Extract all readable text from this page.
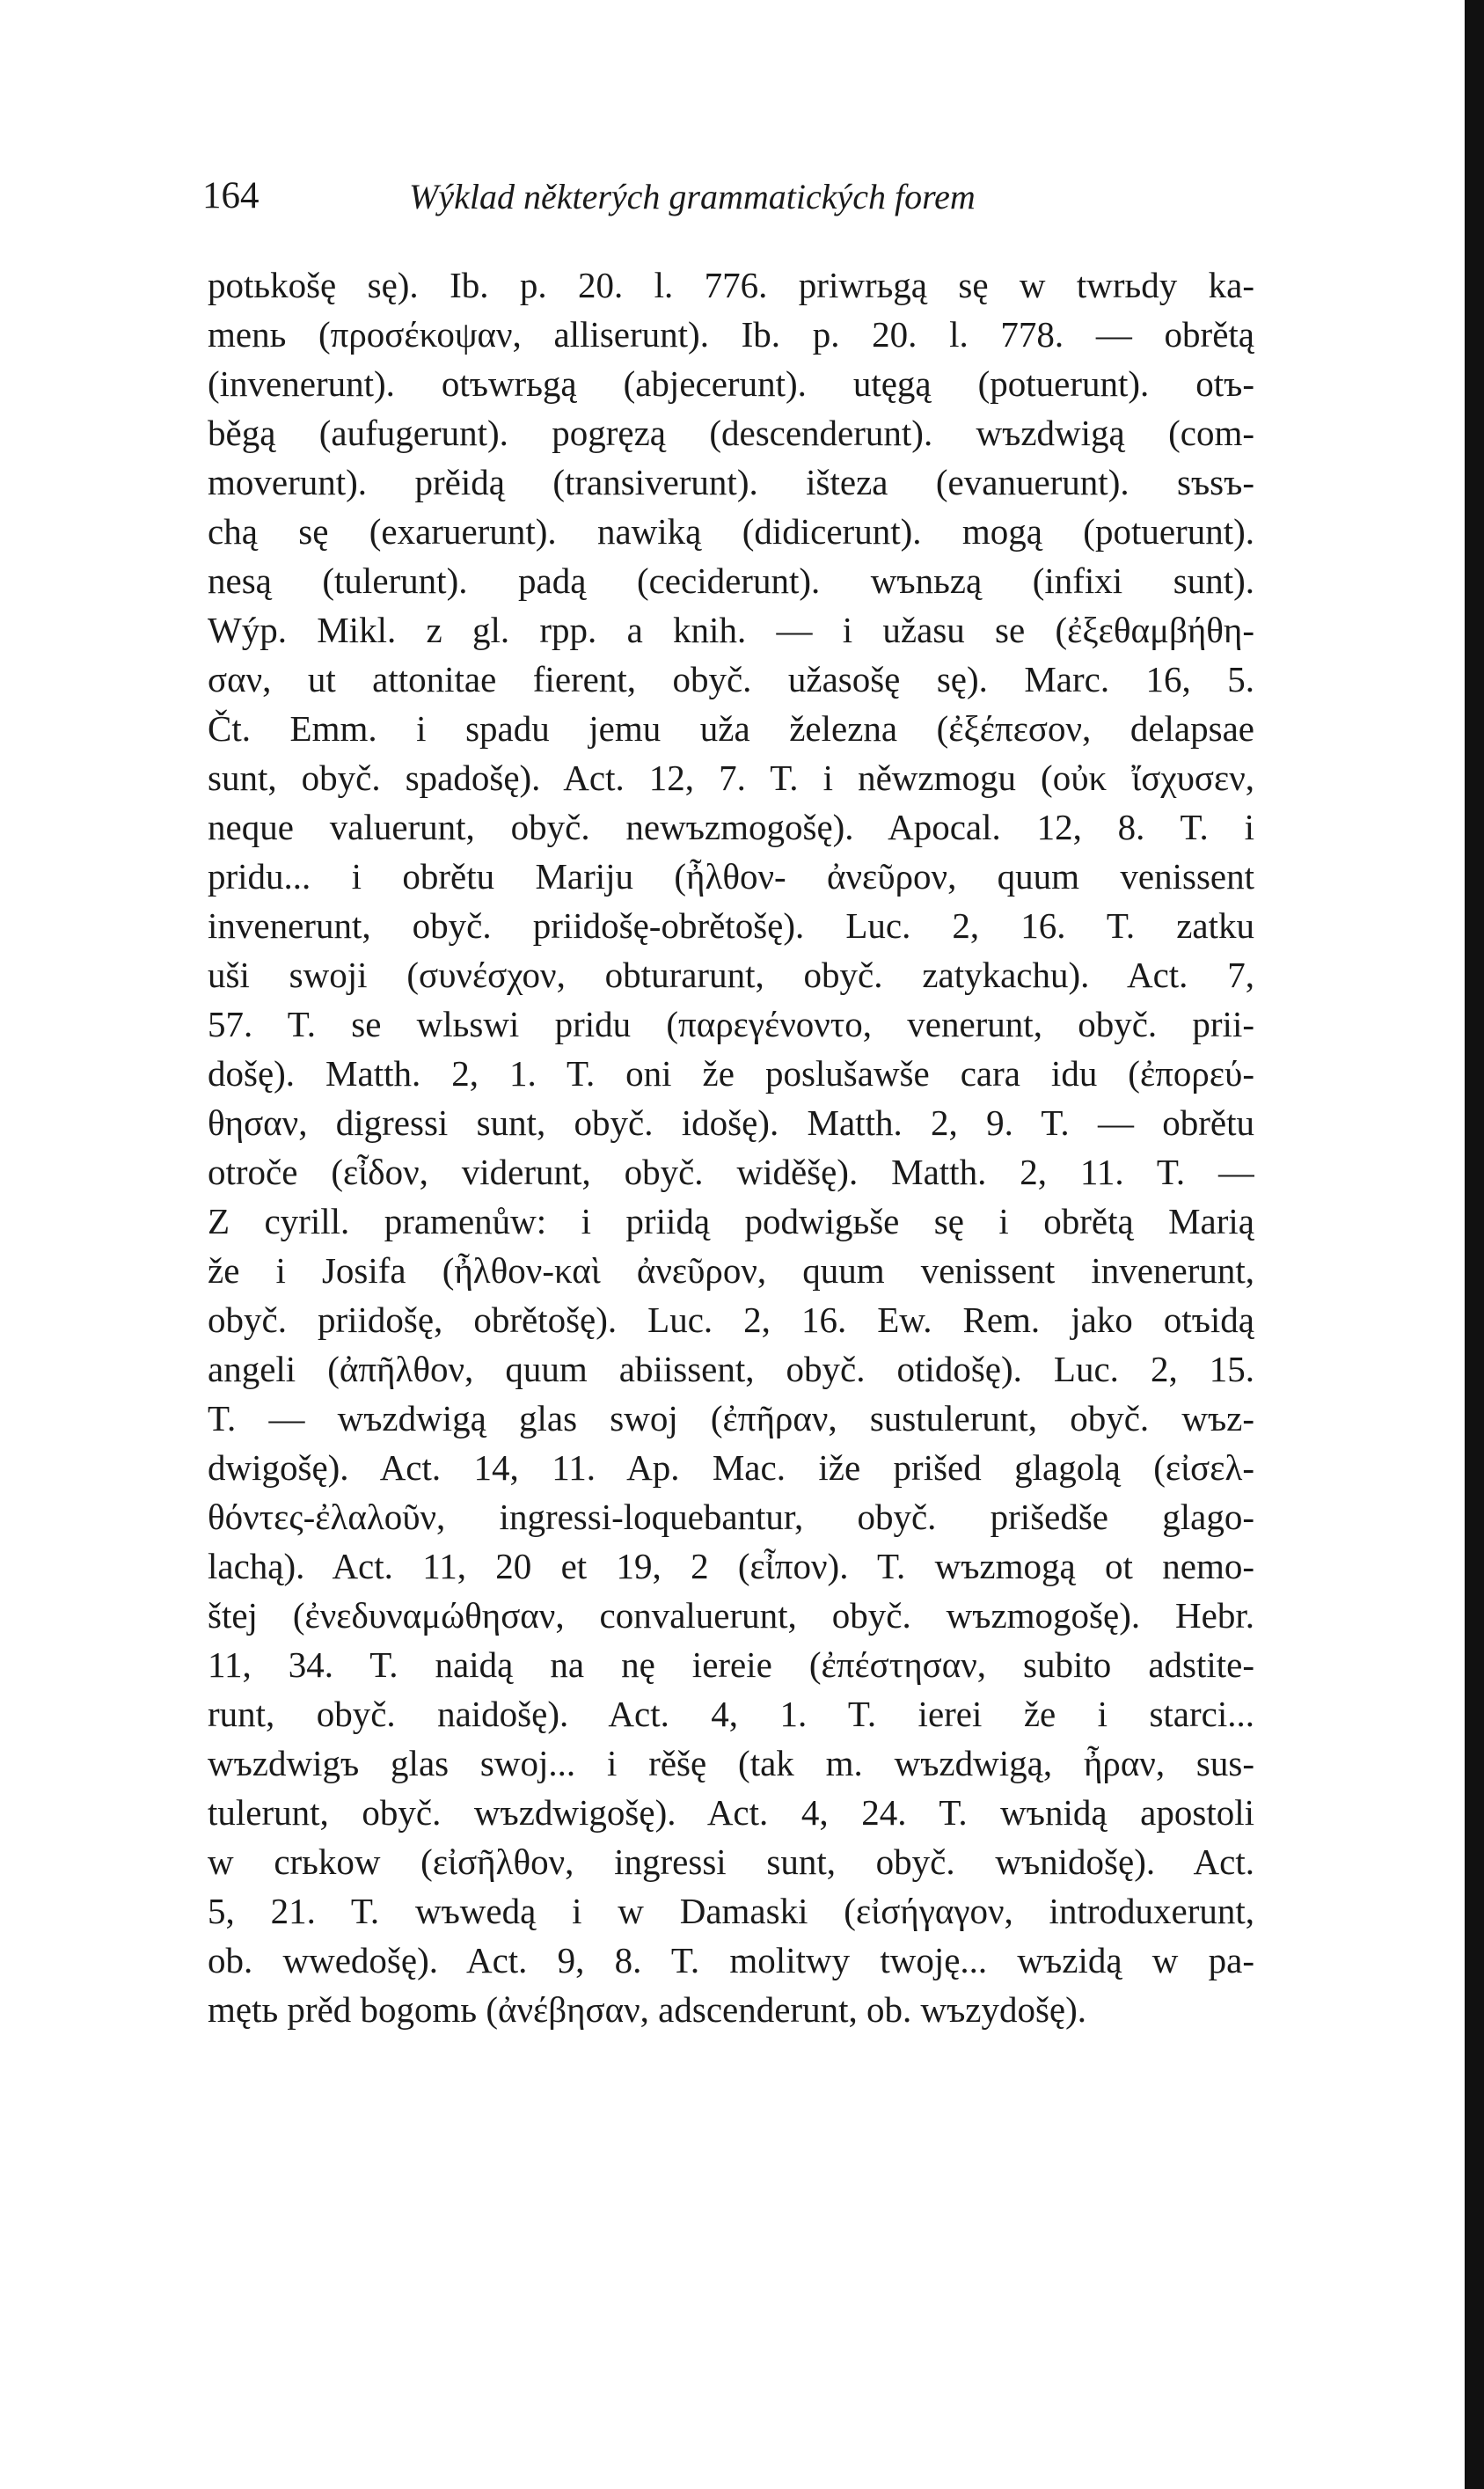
164	Wýklad některých grammatických forem
potьkošę sę). Ib. p. 20. l. 776. priwrьgą sę w twrьdy ka-
menь (προσέκοψαν, alliserunt). Ib. p. 20. l. 778. — obrětą
(invenerunt). otъwrьgą (abjecerunt). utęgą (potuerunt). otъ-
běgą (aufugerunt). pogręzą (descenderunt). wъzdwigą (com-
moverunt). prěidą (transiverunt). išteza (evanuerunt). sъsъ-
chą sę (exaruerunt). nawiką (didicerunt). mogą (potuerunt).
nesą (tulerunt). padą (ceciderunt). wъnьzą (infixi sunt).
Wýp. Mikl. z gl. rpp. a knih. — i užasu se (ἐξεθαμβήθη-
σαν, ut attonitae fierent, obyč. užasošę sę). Marc. 16, 5.
Čt. Emm. i spadu jemu uža železna (ἐξέπεσον, delapsae
sunt, obyč. spadošę). Act. 12, 7. T. i něwzmogu (οὐκ ἴσχυσεν,
neque valuerunt, obyč. newъzmogošę). Apocal. 12, 8. T. i
pridu... i obrětu Mariju (ἦλθον- ἀνεῦρον, quum venissent
invenerunt, obyč. priidošę-obrětošę). Luc. 2, 16. T. zatku
uši swoji (συνέσχον, obturarunt, obyč. zatykachu). Act. 7,
57. T. se wlьswi pridu (παρεγένοντο, venerunt, obyč. prii-
došę). Matth. 2, 1. T. oni že poslušawše cara idu (ἐπορεύ-
θησαν, digressi sunt, obyč. idošę). Matth. 2, 9. T. — obrětu
otroče (εἶδον, viderunt, obyč. widěšę). Matth. 2, 11. T. —
Z cyrill. pramenůw: i priidą podwigьše sę i obrětą Marią
že i Josifa (ἦλθον-καὶ ἀνεῦρον, quum venissent invenerunt,
obyč. priidošę, obrětošę). Luc. 2, 16. Ew. Rem. jako otъidą
angeli (ἀπῆλθον, quum abiissent, obyč. otidošę). Luc. 2, 15.
T. — wъzdwigą glas swoj (ἐπῆραν, sustulerunt, obyč. wъz-
dwigošę). Act. 14, 11. Ap. Mac. iže prišed glagolą (εἰσελ-
θόντες-ἐλαλοῦν, ingressi-loquebantur, obyč. prišedše glago-
lachą). Act. 11, 20 et 19, 2 (εἶπον). T. wъzmogą ot nemo-
štej (ἐνεδυναμώθησαν, convaluerunt, obyč. wъzmogošę). Hebr.
11, 34. T. naidą na nę iereie (ἐπέστησαν, subito adstite-
runt, obyč. naidošę). Act. 4, 1. T. ierei že i starci...
wъzdwigъ glas swoj... i rěšę (tak m. wъzdwigą, ἦραν, sus-
tulerunt, obyč. wъzdwigošę). Act. 4, 24. T. wъnidą apostoli
w crьkow (εἰσῆλθον, ingressi sunt, obyč. wъnidošę). Act.
5, 21. T. wъwedą i w Damaski (εἰσήγαγον, introduxerunt,
ob. wwedošę). Act. 9, 8. T. molitwy twoję... wъzidą w pa-
mętь prěd bogomь (ἀνέβησαν, adscenderunt, ob. wъzydošę).
